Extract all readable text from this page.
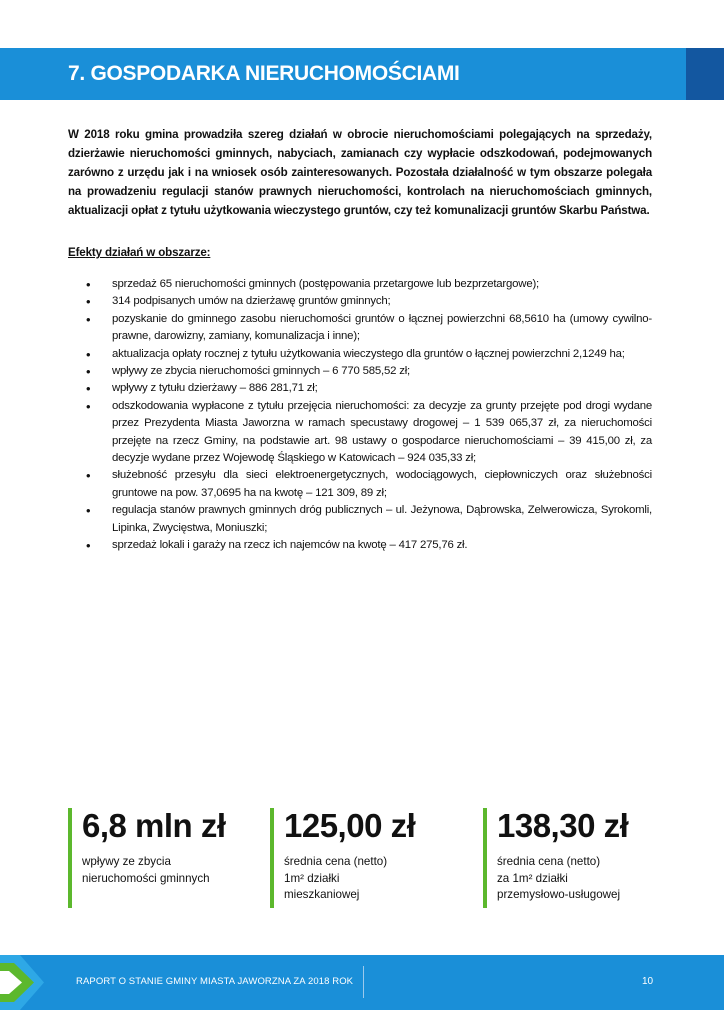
7. GOSPODARKA NIERUCHOMOŚCIAMI

W 2018 roku gmina prowadziła szereg działań w obrocie nieruchomościami polegających na sprzedaży, dzierżawie nieruchomości gminnych, nabyciach, zamianach czy wypłacie odszkodowań, podejmowanych zarówno z urzędu jak i na wniosek osób zainteresowanych. Pozostała działalność w tym obszarze polegała na prowadzeniu regulacji stanów prawnych nieruchomości, kontrolach na nieruchomościach gminnych, aktualizacji opłat z tytułu użytkowania wieczystego gruntów, czy też komunalizacji gruntów Skarbu Państwa.

Efekty działań w obszarze:

• sprzedaż 65 nieruchomości gminnych (postępowania przetargowe lub bezprzetargowe);
• 314 podpisanych umów na dzierżawę gruntów gminnych;
• pozyskanie do gminnego zasobu nieruchomości gruntów o łącznej powierzchni 68,5610 ha (umowy cywilno-prawne, darowizny, zamiany, komunalizacja i inne);
• aktualizacja opłaty rocznej z tytułu użytkowania wieczystego dla gruntów o łącznej powierzchni 2,1249 ha;
• wpływy ze zbycia nieruchomości gminnych – 6 770 585,52 zł;
• wpływy z tytułu dzierżawy – 886 281,71 zł;
• odszkodowania wypłacone z tytułu przejęcia nieruchomości: za decyzje za grunty przejęte pod drogi wydane przez Prezydenta Miasta Jaworzna w ramach specustawy drogowej – 1 539 065,37 zł, za nieruchomości przejęte na rzecz Gminy, na podstawie art. 98 ustawy o gospodarce nieruchomościami – 39 415,00 zł, za decyzje wydane przez Wojewodę Śląskiego w Katowicach – 924 035,33 zł;
• służebność przesyłu dla sieci elektroenergetycznych, wodociągowych, ciepłowniczych oraz służebności gruntowe na pow. 37,0695 ha na kwotę – 121 309, 89 zł;
• regulacja stanów prawnych gminnych dróg publicznych – ul. Jeżynowa, Dąbrowska, Zelwerowicza, Syrokomli, Lipinka, Zwycięstwa, Moniuszki;
• sprzedaż lokali i garaży na rzecz ich najemców na kwotę – 417 275,76 zł.

6,8 mln zł

wpływy ze zbycia
nieruchomości gminnych

125,00 zł

średnia cena (netto)
1m² działki
mieszkaniowej

138,30 zł

średnia cena (netto)
za 1m² działki
przemysłowo-usługowej

RAPORT O STANIE GMINY MIASTA JAWORZNA ZA 2018 ROK	10
